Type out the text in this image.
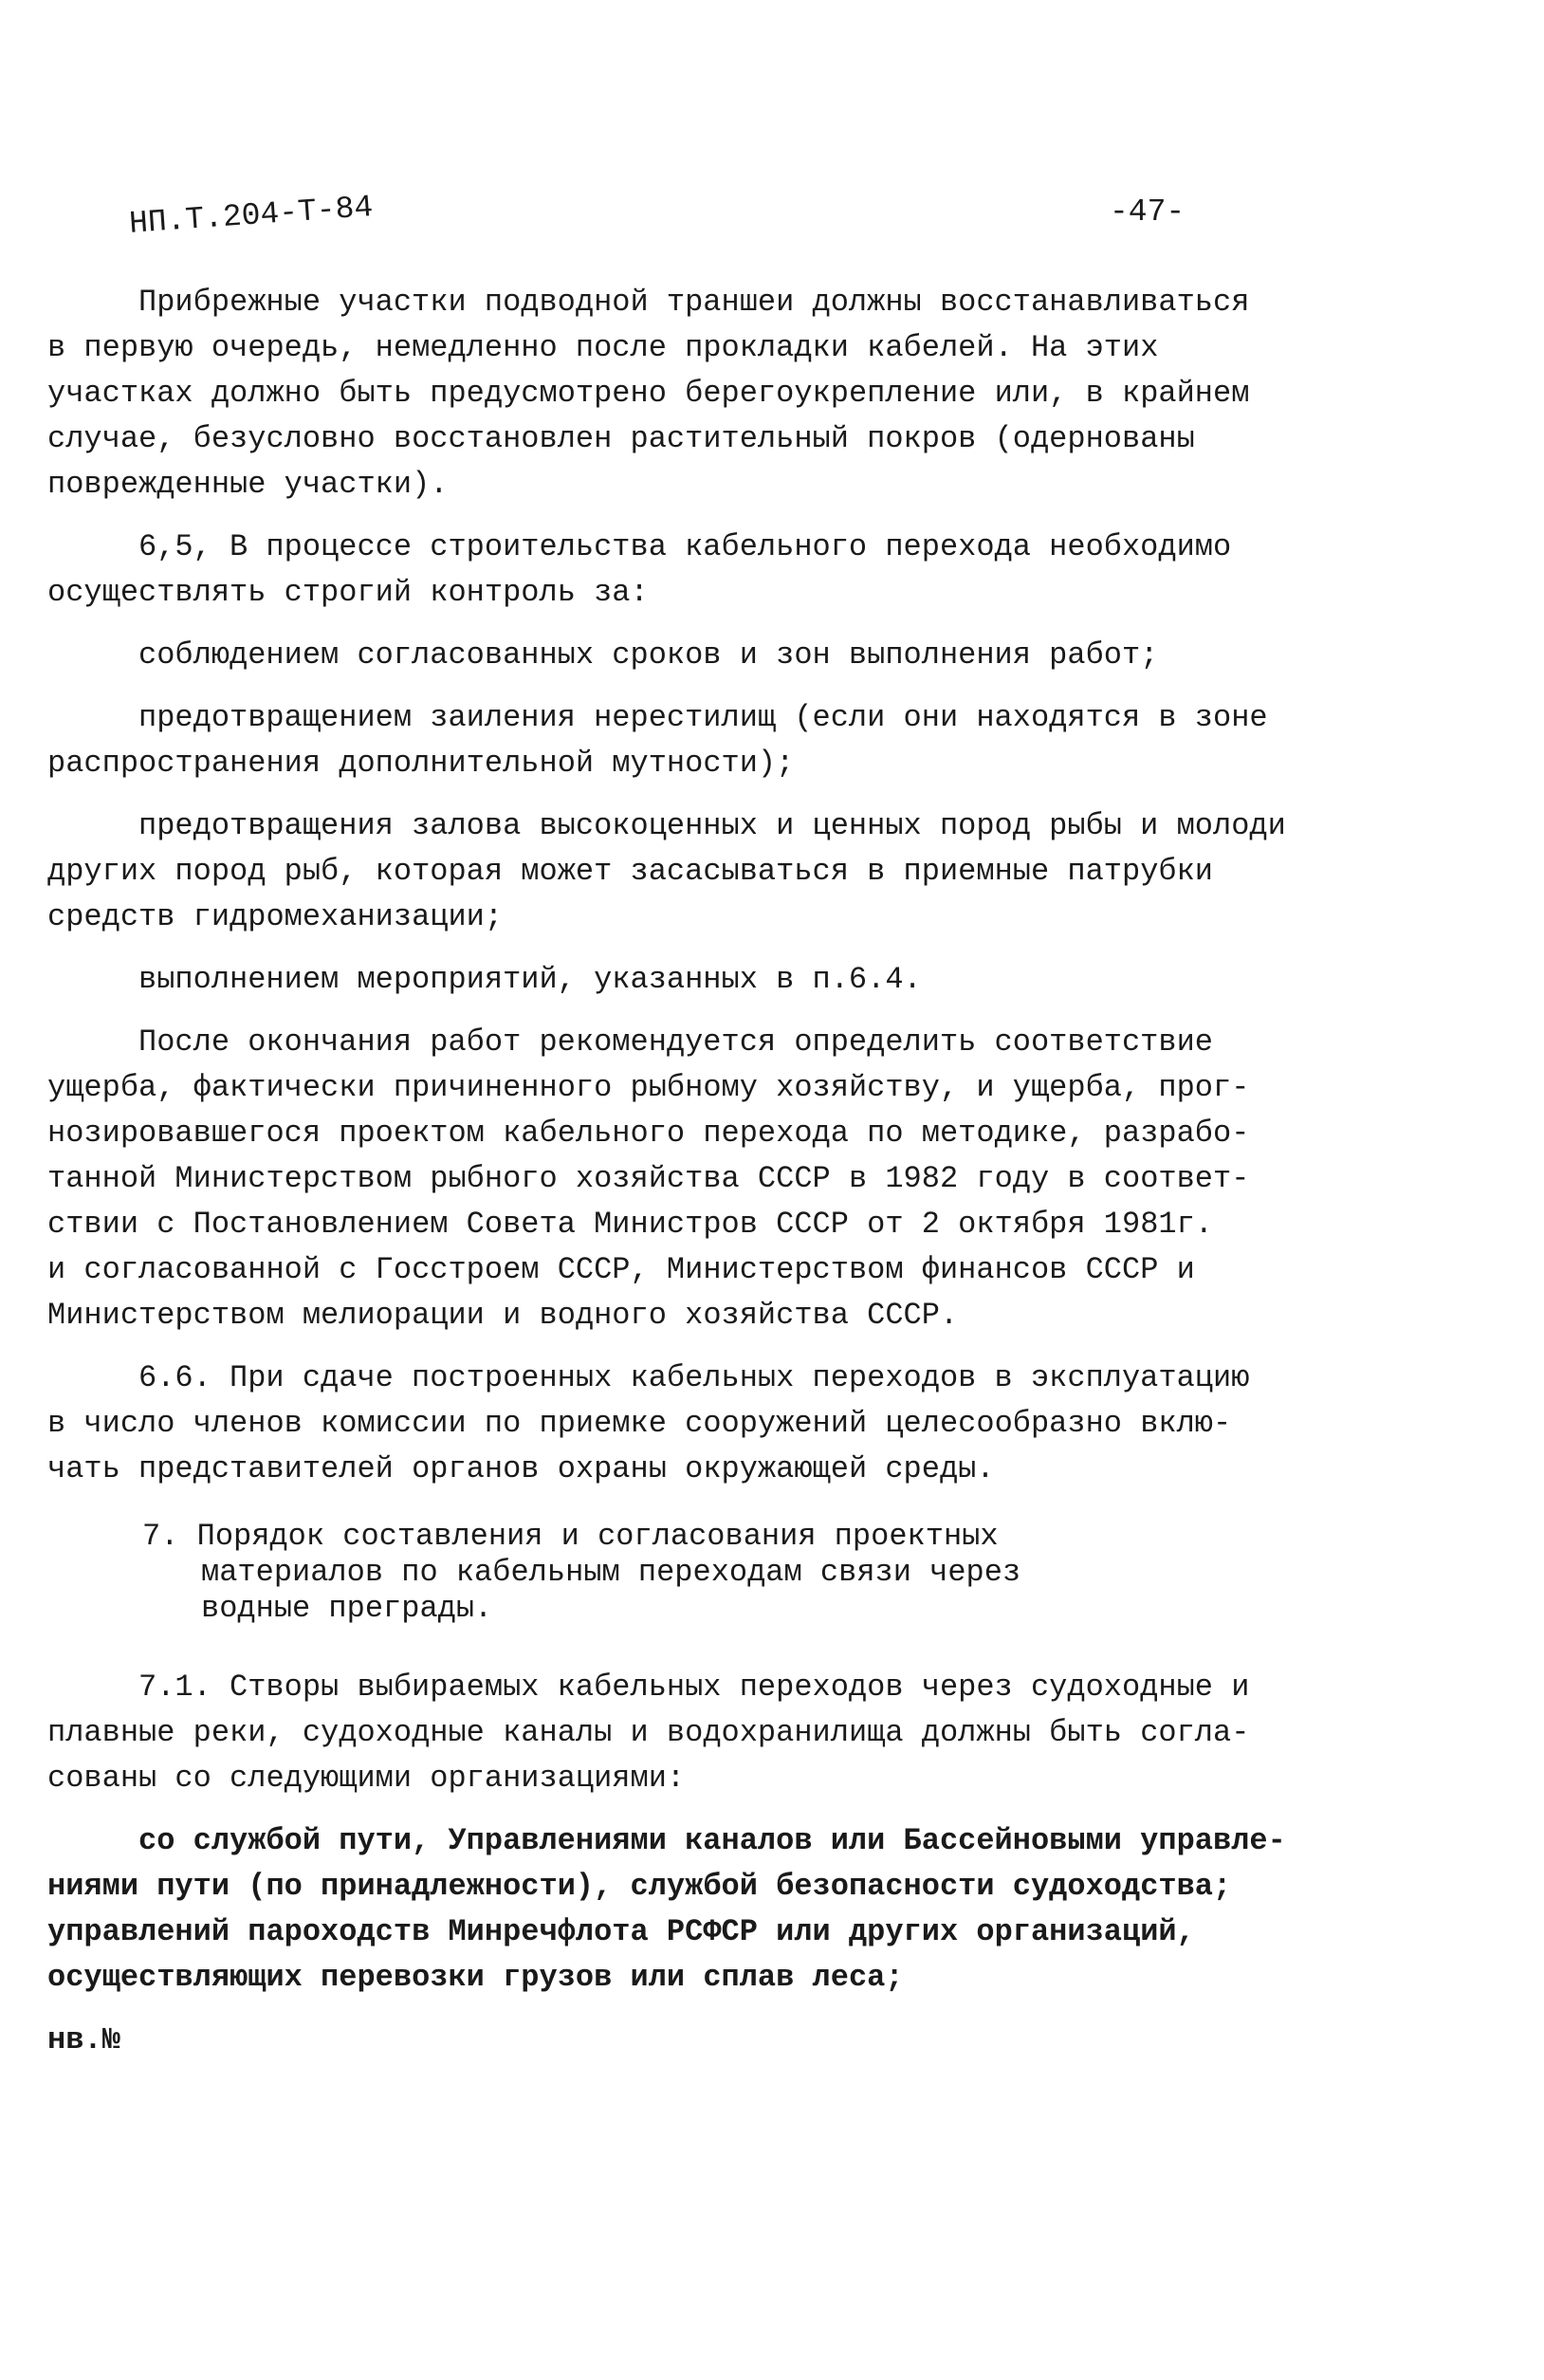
НП.Т.204-Т-84	-47-

Прибрежные участки подводной траншеи должны восстанавливаться
в первую очередь, немедленно после прокладки кабелей. На этих
участках должно быть предусмотрено берегоукрепление или, в крайнем
случае, безусловно восстановлен растительный покров (одернованы
поврежденные участки).

6,5, В процессе строительства кабельного перехода необходимо
осуществлять строгий контроль за:

соблюдением согласованных сроков и зон выполнения работ;

предотвращением заиления нерестилищ (если они находятся в зоне
распространения дополнительной мутности);

предотвращения залова высокоценных и ценных пород рыбы и молоди
других пород рыб, которая может засасываться в приемные патрубки
средств гидромеханизации;

выполнением мероприятий, указанных в п.6.4.

После окончания работ рекомендуется определить соответствие
ущерба, фактически причиненного рыбному хозяйству, и ущерба, прог-
нозировавшегося проектом кабельного перехода по методике, разрабо-
танной Министерством рыбного хозяйства СССР в 1982 году в соответ-
ствии с Постановлением Совета Министров СССР от 2 октября 1981г.
и согласованной с Госстроем СССР, Министерством финансов СССР и
Министерством мелиорации и водного хозяйства СССР.

6.6. При сдаче построенных кабельных переходов в эксплуатацию
в число членов комиссии по приемке сооружений целесообразно вклю-
чать представителей органов охраны окружающей среды.

7. Порядок составления и согласования проектных
материалов по кабельным переходам связи через
водные преграды.

7.1. Створы выбираемых кабельных переходов через судоходные и
плавные реки, судоходные каналы и водохранилища должны быть согла-
сованы со следующими организациями:

со службой пути, Управлениями каналов или Бассейновыми управле-
ниями пути (по принадлежности), службой безопасности судоходства;
управлений пароходств Минречфлота РСФСР или других организаций,
осуществляющих перевозки грузов или сплав леса;

нв.№
